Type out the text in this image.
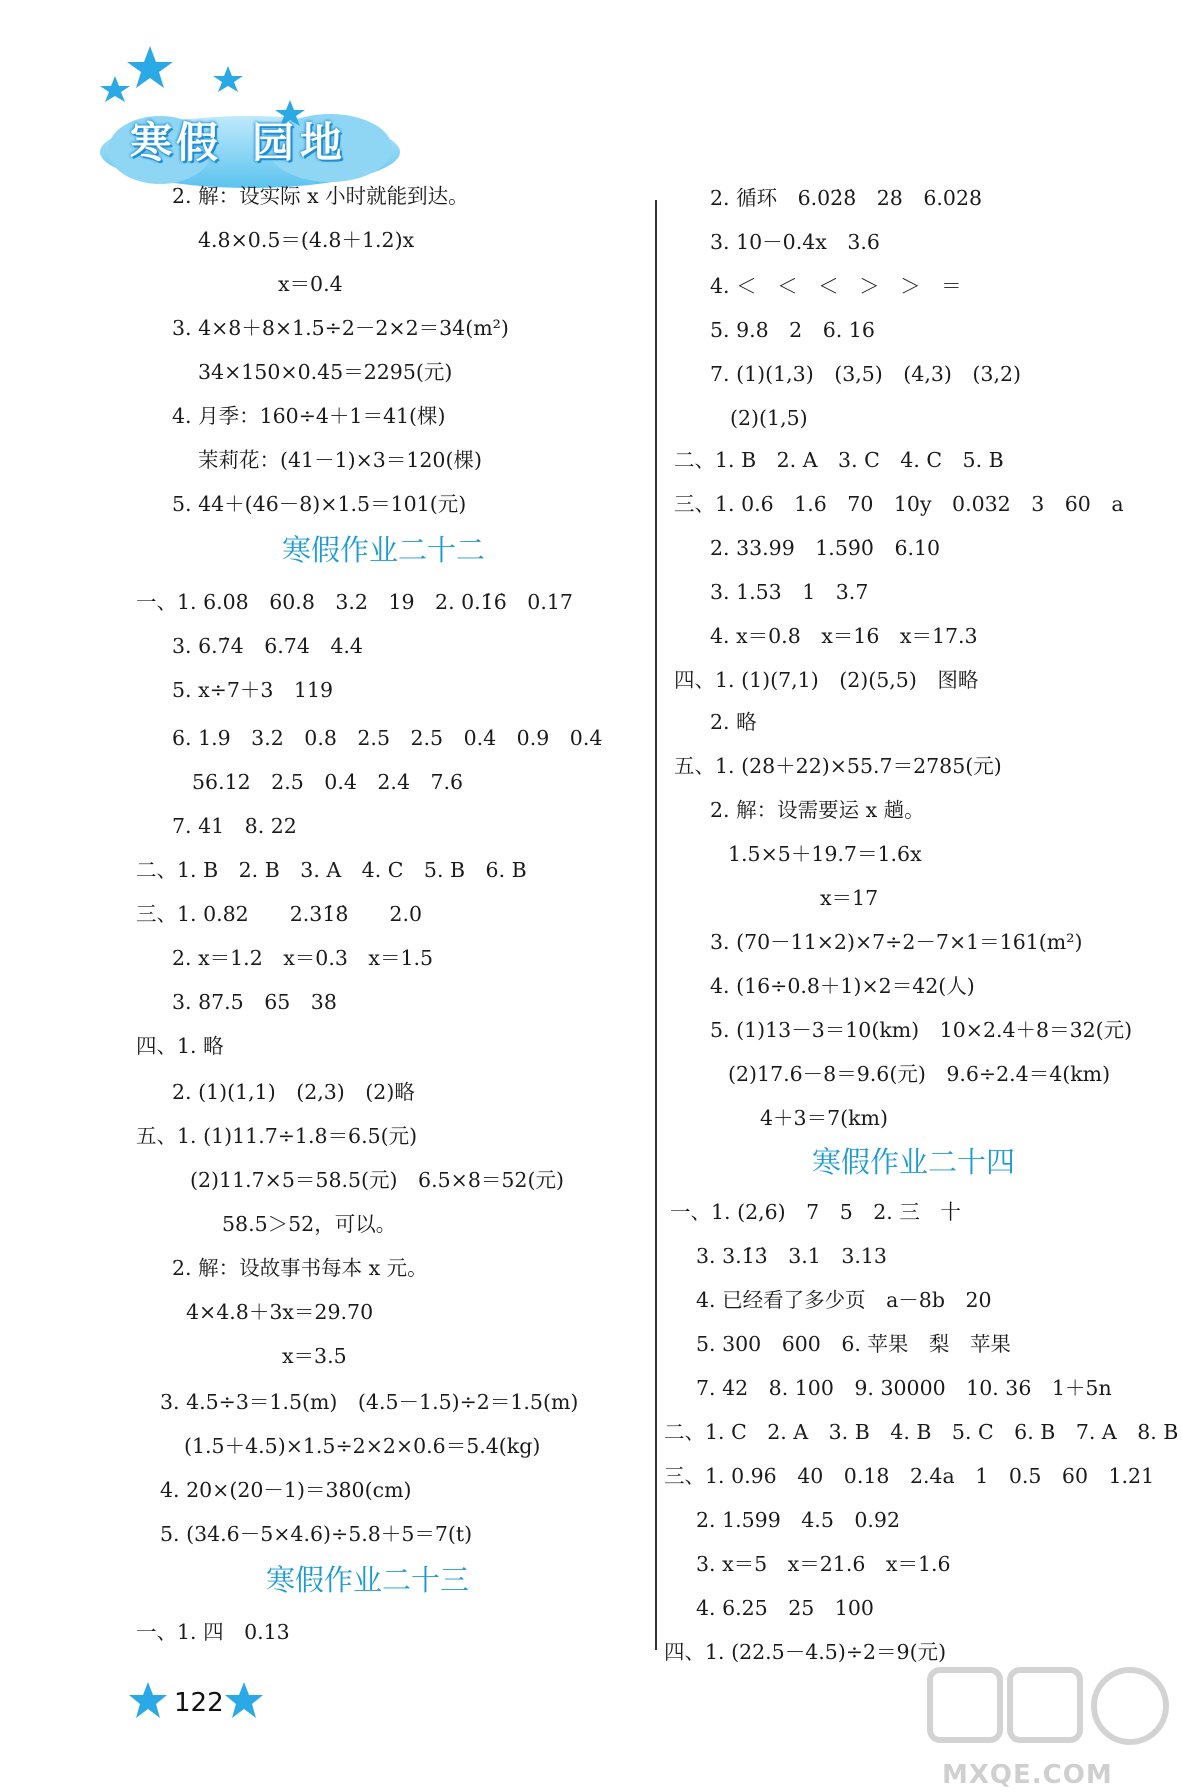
寒 假 园 地
2. 解：设实际 x 小时就能到达。
4.8×0.5＝(4.8＋1.2)x
x＝0.4
3. 4×8＋8×1.5÷2－2×2＝34(m²)
34×150×0.45＝2295(元)
4. 月季：160÷4＋1＝41(棵)
茉莉花：(41－1)×3＝120(棵)
5. 44＋(46－8)×1.5＝101(元)
寒假作业二十二
一、1. 6.08　60.8　3.2　19　2. 0.1̇6̇　0.17
3. 6.7̇4̇　6.74　4.4
5. x÷7＋3　119
6. 1.9　3.2　0.8　2.5　2.5　0.4　0.9　0.4
56.12　2.5　0.4　2.4　7.6
7. 41　8. 22
二、1. B　2. B　3. A　4. C　5. B　6. B
三、1. 0.82　　2.31̇8̇　　2.0
2. x＝1.2　x＝0.3　x＝1.5
3. 87.5　65　38
四、1. 略
2. (1)(1,1)　(2,3)　(2)略
五、1. (1)11.7÷1.8＝6.5(元)
(2)11.7×5＝58.5(元)　6.5×8＝52(元)
58.5＞52，可以。
2. 解：设故事书每本 x 元。
4×4.8＋3x＝29.70
x＝3.5
3. 4.5÷3＝1.5(m)　(4.5－1.5)÷2＝1.5(m)
(1.5＋4.5)×1.5÷2×2×0.6＝5.4(kg)
4. 20×(20－1)＝380(cm)
5. (34.6－5×4.6)÷5.8＋5＝7(t)
寒假作业二十三
一、1. 四　0.13
2. 循环　6.02̇8̇　28　6.028
3. 10－0.4x　3.6
4. ＜　＜　＜　＞　＞　＝
5. 9.8　2　6. 16
7. (1)(1,3)　(3,5)　(4,3)　(3,2)
(2)(1,5)
二、1. B　2. A　3. C　4. C　5. B
三、1. 0.6　1.6　70　10y　0.032　3　60　a
2. 33.99　1.59̇0̇　6.10
3. 1.53　1　3.7
4. x＝0.8　x＝16　x＝17.3
四、1. (1)(7,1)　(2)(5,5)　图略
2. 略
五、1. (28＋22)×55.7＝2785(元)
2. 解：设需要运 x 趟。
1.5×5＋19.7＝1.6x
x＝17
3. (70－11×2)×7÷2－7×1＝161(m²)
4. (16÷0.8＋1)×2＝42(人)
5. (1)13－3＝10(km)　10×2.4＋8＝32(元)
(2)17.6－8＝9.6(元)　9.6÷2.4＝4(km)
4＋3＝7(km)
寒假作业二十四
一、1. (2,6)　7　5　2. 三　十
3. 3.1̇3̇　3.1　3.13
4. 已经看了多少页　a－8b　20
5. 300　600　6. 苹果　梨　苹果
7. 42　8. 100　9. 30000　10. 36　1＋5n
二、1. C　2. A　3. B　4. B　5. C　6. B　7. A　8. B
三、1. 0.96　40　0.18　2.4a　1　0.5　60　1.21
2. 1.599　4.5　0.92
3. x＝5　x＝21.6　x＝1.6
4. 6.25　25　100
四、1. (22.5－4.5)÷2＝9(元)
122
MXQE.COM
